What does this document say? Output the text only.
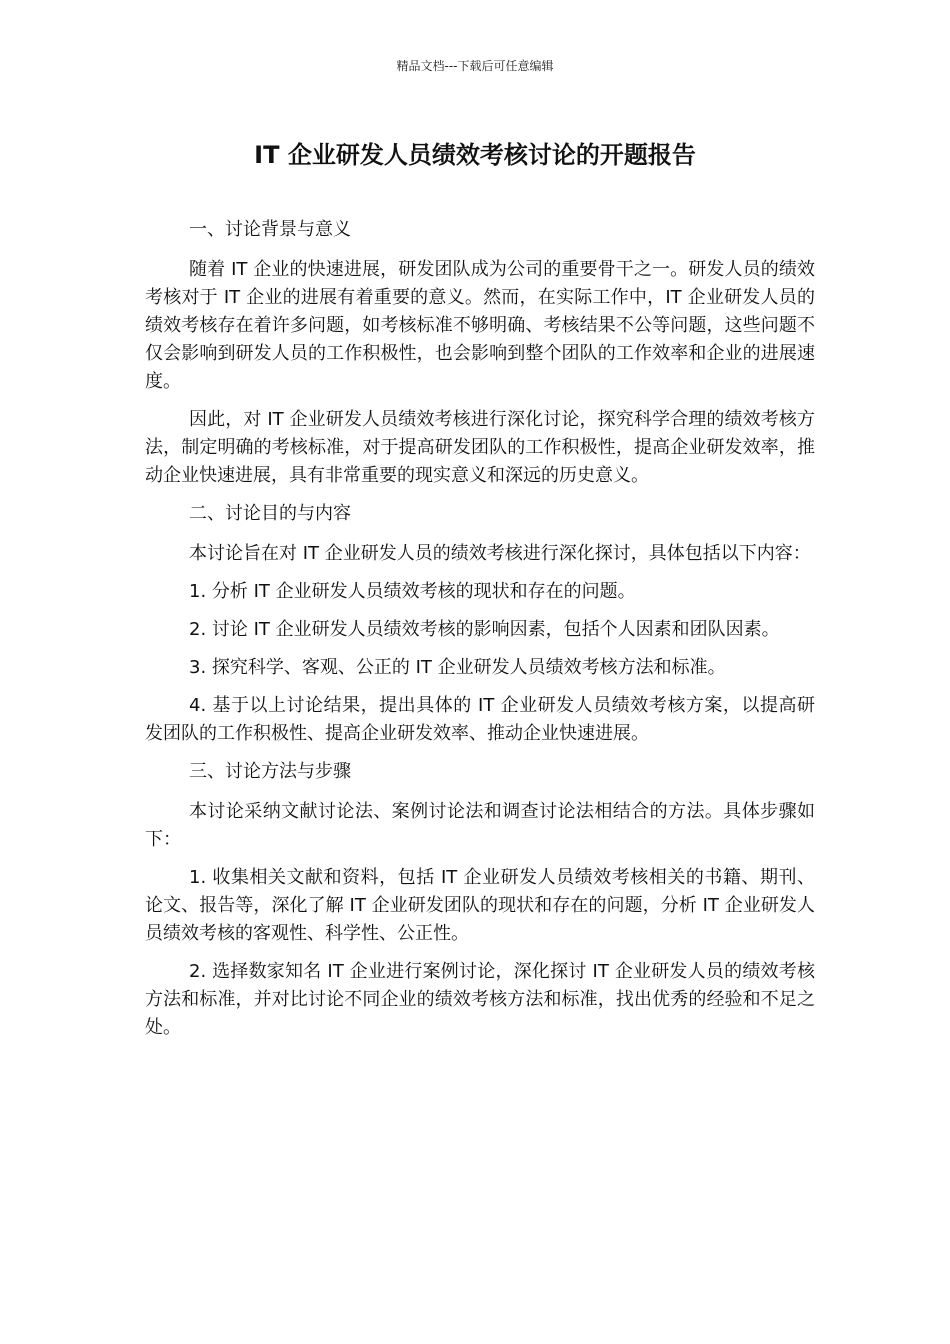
精品文档---下载后可任意编辑
IT 企业研发人员绩效考核讨论的开题报告

一、讨论背景与意义

随着 IT 企业的快速进展，研发团队成为公司的重要骨干之一。研发人员的绩效考核对于 IT 企业的进展有着重要的意义。然而，在实际工作中，IT 企业研发人员的绩效考核存在着许多问题，如考核标准不够明确、考核结果不公等问题，这些问题不仅会影响到研发人员的工作积极性，也会影响到整个团队的工作效率和企业的进展速度。

因此，对 IT 企业研发人员绩效考核进行深化讨论，探究科学合理的绩效考核方法，制定明确的考核标准，对于提高研发团队的工作积极性，提高企业研发效率，推动企业快速进展，具有非常重要的现实意义和深远的历史意义。

二、讨论目的与内容

本讨论旨在对 IT 企业研发人员的绩效考核进行深化探讨，具体包括以下内容：

1. 分析 IT 企业研发人员绩效考核的现状和存在的问题。

2. 讨论 IT 企业研发人员绩效考核的影响因素，包括个人因素和团队因素。

3. 探究科学、客观、公正的 IT 企业研发人员绩效考核方法和标准。

4. 基于以上讨论结果，提出具体的 IT 企业研发人员绩效考核方案，以提高研发团队的工作积极性、提高企业研发效率、推动企业快速进展。

三、讨论方法与步骤

本讨论采纳文献讨论法、案例讨论法和调查讨论法相结合的方法。具体步骤如下：

1. 收集相关文献和资料，包括 IT 企业研发人员绩效考核相关的书籍、期刊、论文、报告等，深化了解 IT 企业研发团队的现状和存在的问题，分析 IT 企业研发人员绩效考核的客观性、科学性、公正性。

2. 选择数家知名 IT 企业进行案例讨论，深化探讨 IT 企业研发人员的绩效考核方法和标准，并对比讨论不同企业的绩效考核方法和标准，找出优秀的经验和不足之处。
